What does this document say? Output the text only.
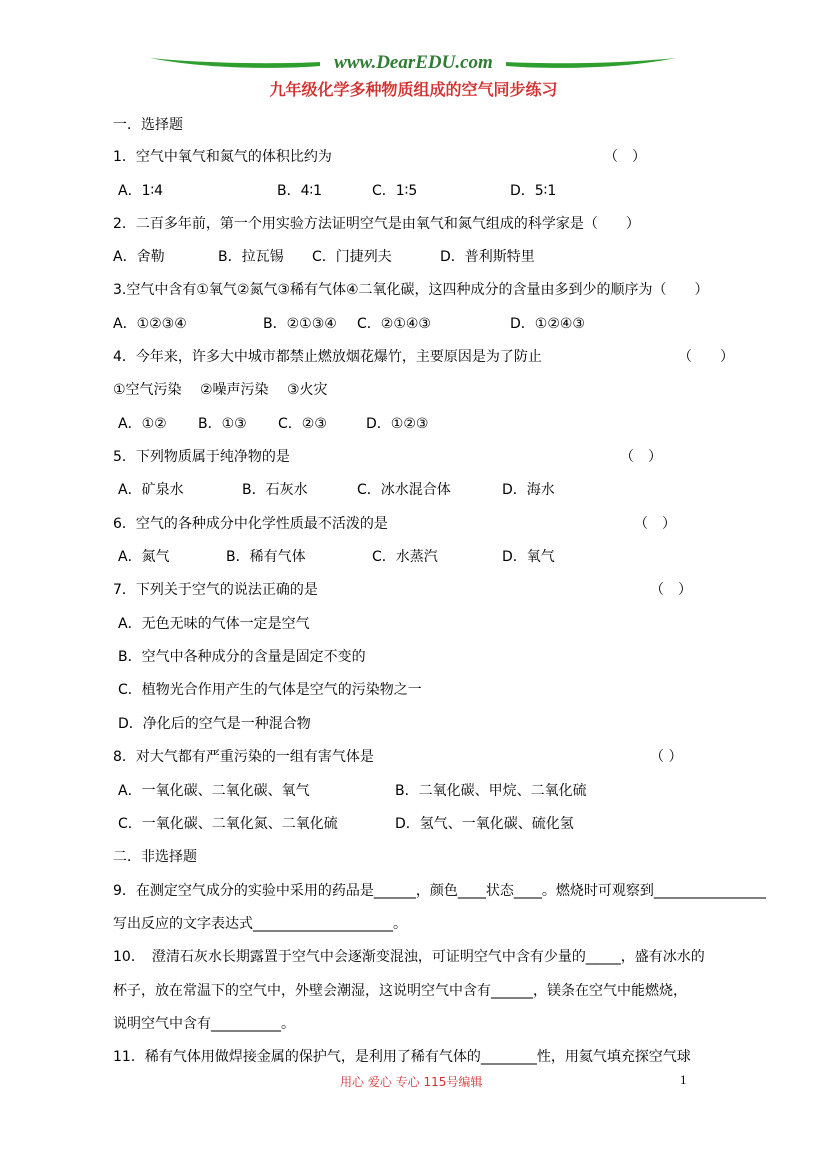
www.DearEDU.com
九年级化学多种物质组成的空气同步练习
一．选择题
1．空气中氧气和氮气的体积比约为	（　）
A．1∶4	B．4∶1	C．1∶5	D．5∶1
2．二百多年前，第一个用实验方法证明空气是由氧气和氮气组成的科学家是（　　）
A．舍勒	B．拉瓦锡 C．门捷列夫	D．普利斯特里
3.空气中含有①氧气②氮气③稀有气体④二氧化碳，这四种成分的含量由多到少的顺序为（　　）
A．①②③④	B．②①③④ C．②①④③	D．①②④③
4．今年来，许多大中城市都禁止燃放烟花爆竹，主要原因是为了防止	（　　）
①空气污染　 ②噪声污染　 ③火灾
A．①② B．①③ C．②③	D．①②③
5．下列物质属于纯净物的是	（　）
A．矿泉水	B．石灰水	C．冰水混合体	D．海水
6．空气的各种成分中化学性质最不活泼的是	（　）
A．氮气	B．稀有气体	C．水蒸汽	D．氧气
7．下列关于空气的说法正确的是	（　）
A．无色无味的气体一定是空气
B．空气中各种成分的含量是固定不变的
C．植物光合作用产生的气体是空气的污染物之一
D．净化后的空气是一种混合物
8．对大气都有严重污染的一组有害气体是	（ ）
A．一氧化碳、二氧化碳、氧气	B．二氧化碳、甲烷、二氧化硫
C．一氧化碳、二氧化氮、二氧化硫	D．氢气、一氧化碳、硫化氢
二．非选择题
9．在测定空气成分的实验中采用的药品是______，颜色____状态____。燃烧时可观察到________________
写出反应的文字表达式____________________。
10．　澄清石灰水长期露置于空气中会逐渐变混浊，可证明空气中含有少量的_____，盛有冰水的
杯子，放在常温下的空气中，外壁会潮湿，这说明空气中含有______，镁条在空气中能燃烧，
说明空气中含有__________。
11．稀有气体用做焊接金属的保护气，是利用了稀有气体的________性，用氦气填充探空气球
用心 爱心 专心 115号编辑	1
